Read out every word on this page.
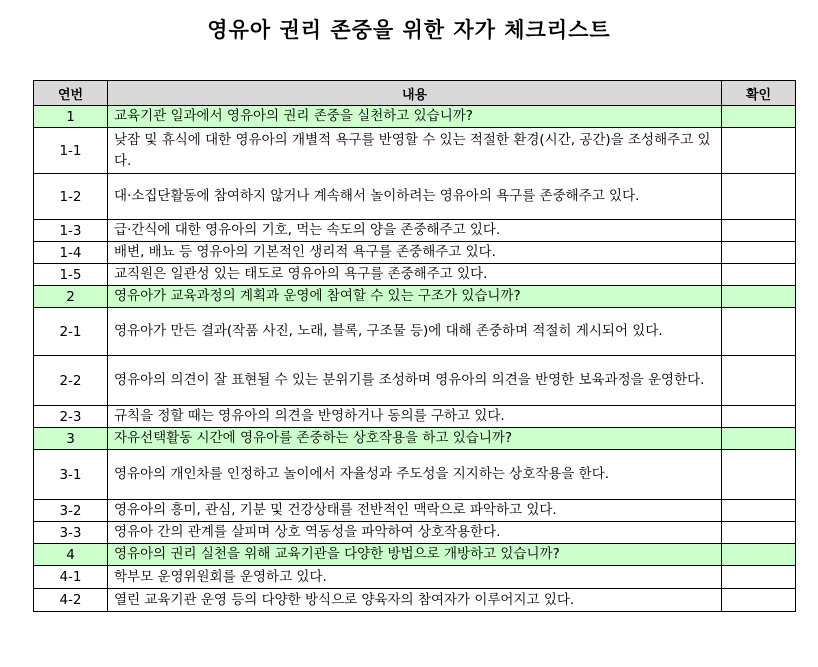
영유아 권리 존중을 위한 자가 체크리스트
연번	내용	확인
1	교육기관 일과에서 영유아의 권리 존중을 실천하고 있습니까?	
1-1	낮잠 및 휴식에 대한 영유아의 개별적 욕구를 반영할 수 있는 적절한 환경(시간, 공간)을 조성해주고 있다.	
1-2	대·소집단활동에 참여하지 않거나 계속해서 놀이하려는 영유아의 욕구를 존중해주고 있다.	
1-3	급·간식에 대한 영유아의 기호, 먹는 속도의 양을 존중해주고 있다.	
1-4	배변, 배뇨 등 영유아의 기본적인 생리적 욕구를 존중해주고 있다.	
1-5	교직원은 일관성 있는 태도로 영유아의 욕구를 존중해주고 있다.	
2	영유아가 교육과정의 계획과 운영에 참여할 수 있는 구조가 있습니까?	
2-1	영유아가 만든 결과(작품 사진, 노래, 블록, 구조물 등)에 대해 존중하며 적절히 게시되어 있다.	
2-2	영유아의 의견이 잘 표현될 수 있는 분위기를 조성하며 영유아의 의견을 반영한 보육과정을 운영한다.	
2-3	규칙을 정할 때는 영유아의 의견을 반영하거나 동의를 구하고 있다.	
3	자유선택활동 시간에 영유아를 존중하는 상호작용을 하고 있습니까?	
3-1	영유아의 개인차를 인정하고 놀이에서 자율성과 주도성을 지지하는 상호작용을 한다.	
3-2	영유아의 흥미, 관심, 기분 및 건강상태를 전반적인 맥락으로 파악하고 있다.	
3-3	영유아 간의 관계를 살피며 상호 역동성을 파악하여 상호작용한다.	
4	영유아의 권리 실천을 위해 교육기관을 다양한 방법으로 개방하고 있습니까?	
4-1	학부모 운영위원회를 운영하고 있다.	
4-2	열린 교육기관 운영 등의 다양한 방식으로 양육자의 참여자가 이루어지고 있다.	
